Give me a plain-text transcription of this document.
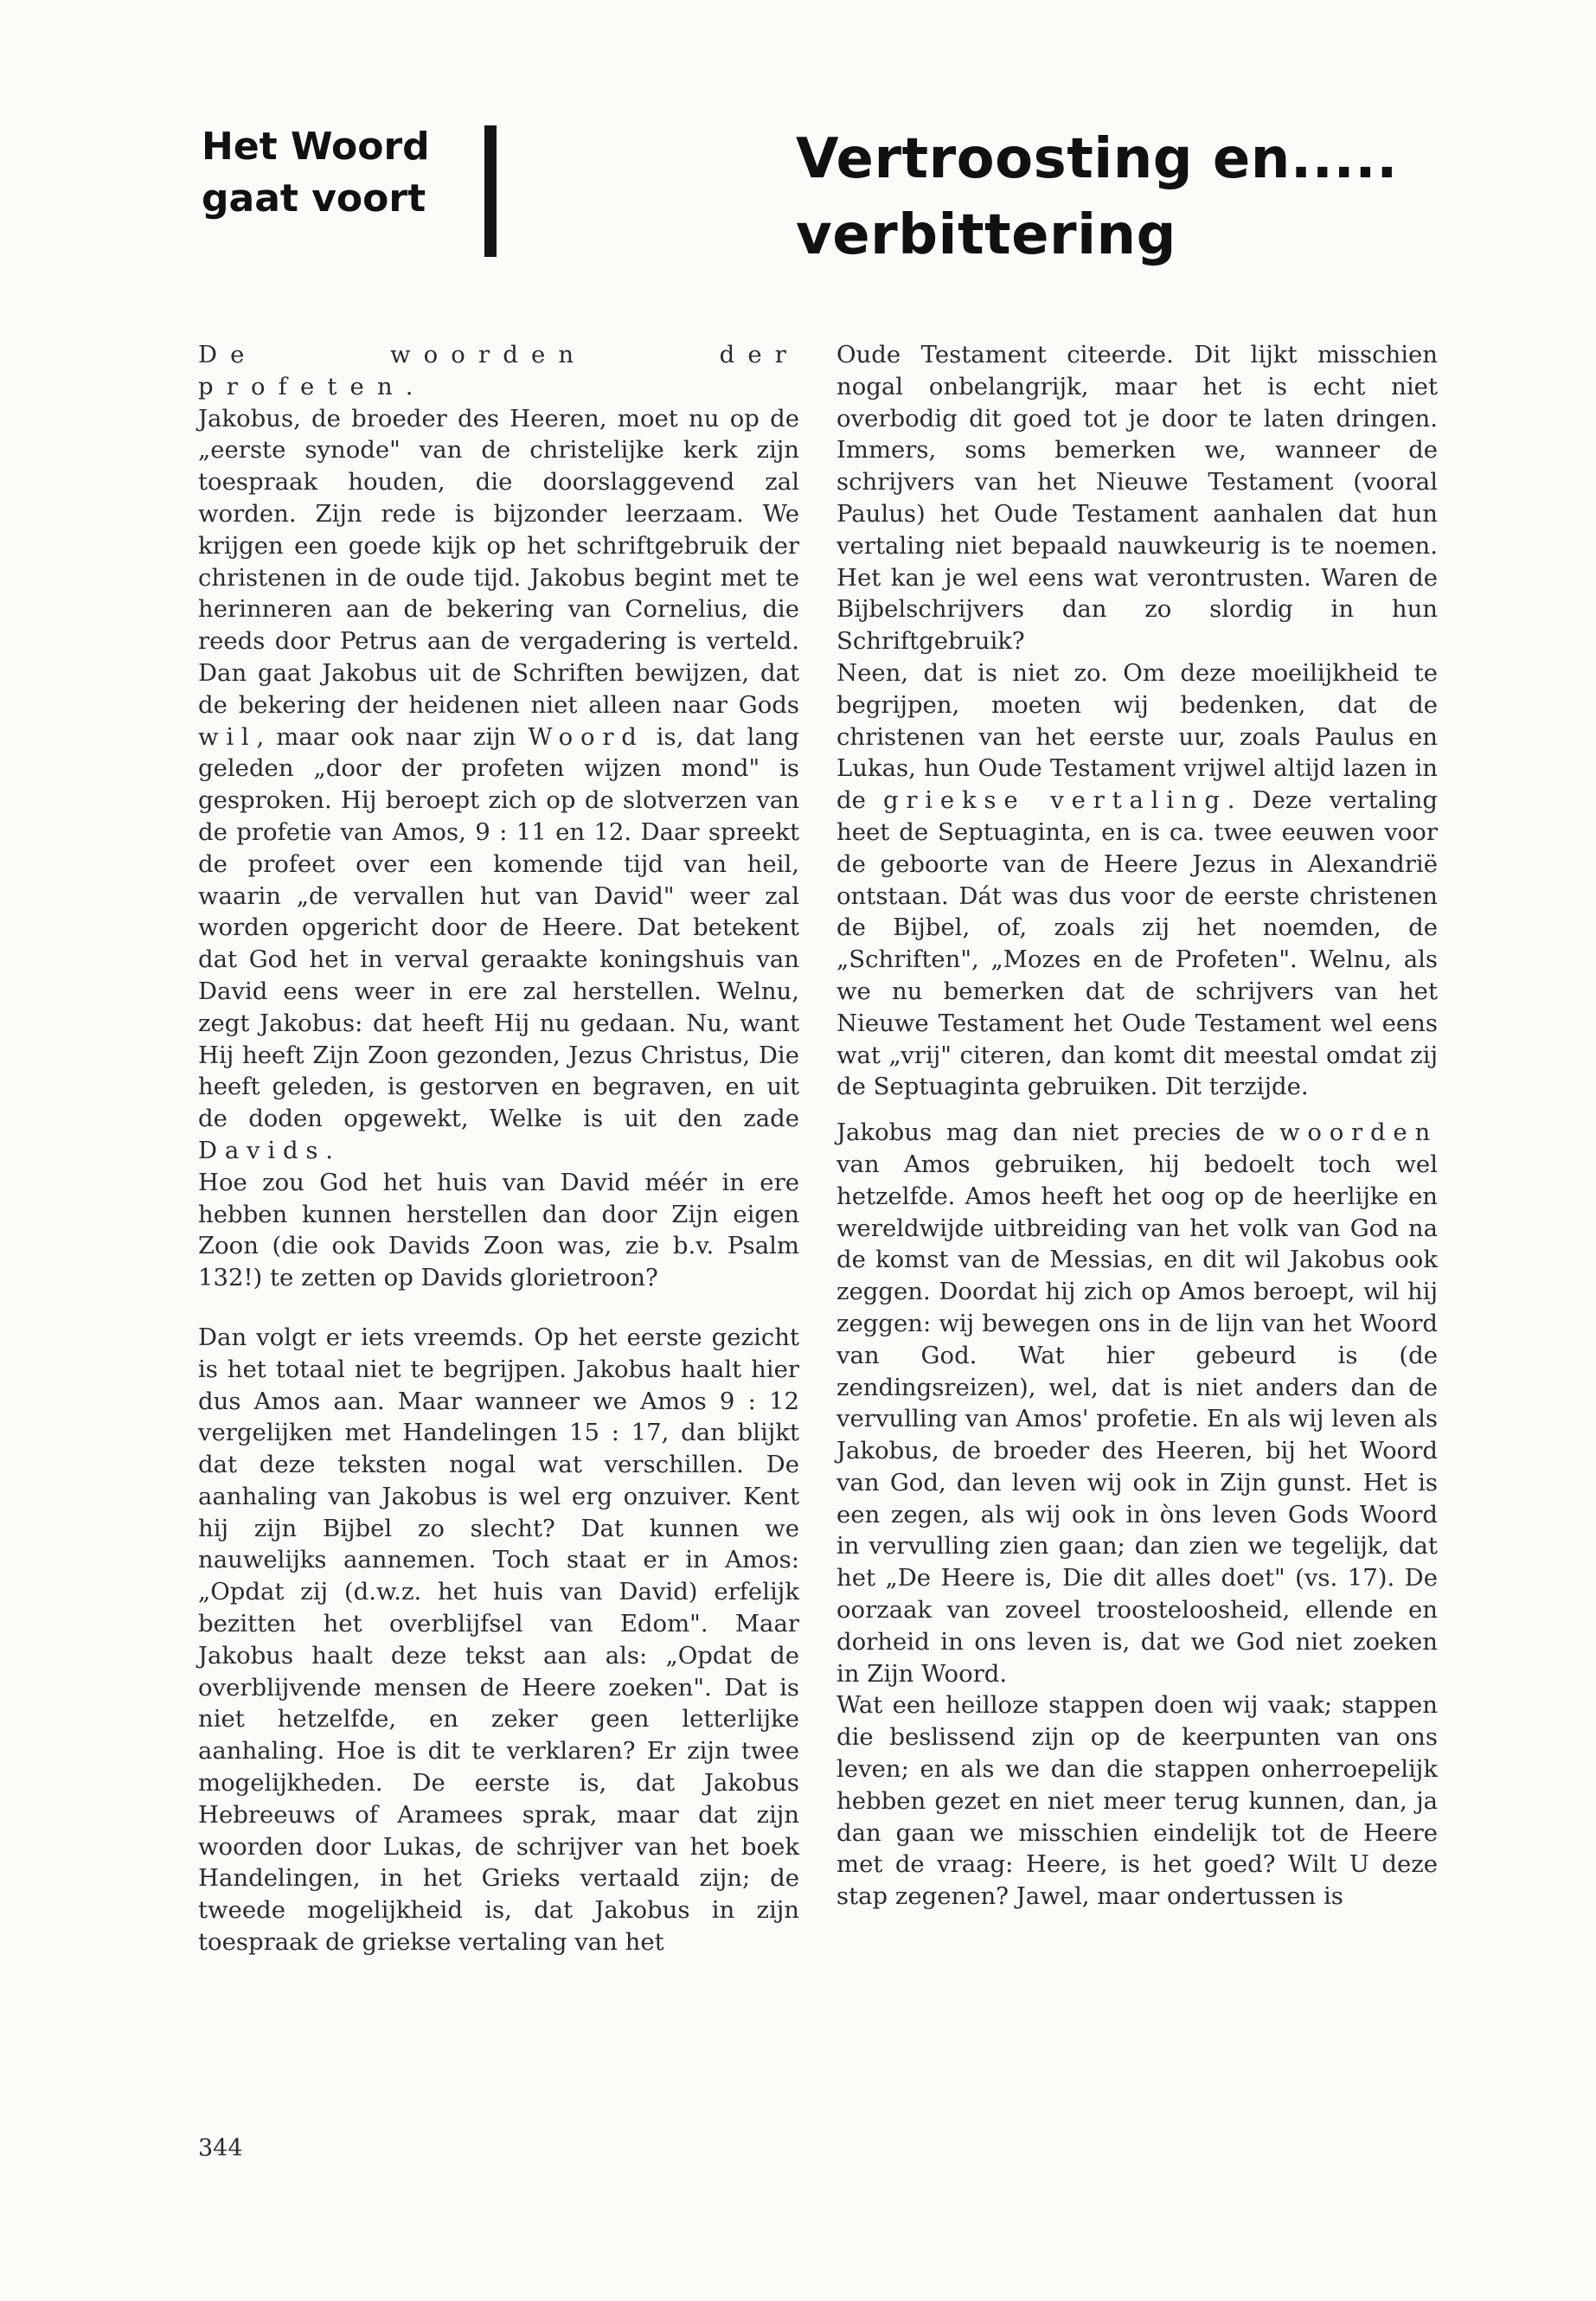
Het Woord gaat voort
Vertroosting en..... verbittering

De woorden der profeten.

Jakobus, de broeder des Heeren, moet nu op de „eerste synode" van de christelijke kerk zijn toespraak houden, die doorslaggevend zal worden. Zijn rede is bijzonder leerzaam. We krijgen een goede kijk op het schriftgebruik der christenen in de oude tijd. Jakobus begint met te herinneren aan de bekering van Cornelius, die reeds door Petrus aan de vergadering is verteld. Dan gaat Jakobus uit de Schriften bewijzen, dat de bekering der heidenen niet alleen naar Gods wil, maar ook naar zijn Woord is, dat lang geleden „door der profeten wijzen mond" is gesproken. Hij beroept zich op de slotverzen van de profetie van Amos, 9 : 11 en 12. Daar spreekt de profeet over een komende tijd van heil, waarin „de vervallen hut van David" weer zal worden opgericht door de Heere. Dat betekent dat God het in verval geraakte koningshuis van David eens weer in ere zal herstellen. Welnu, zegt Jakobus: dat heeft Hij nu gedaan. Nu, want Hij heeft Zijn Zoon gezonden, Jezus Christus, Die heeft geleden, is gestorven en begraven, en uit de doden opgewekt, Welke is uit den zade Davids.

Hoe zou God het huis van David méér in ere hebben kunnen herstellen dan door Zijn eigen Zoon (die ook Davids Zoon was, zie b.v. Psalm 132!) te zetten op Davids glorietroon?

Dan volgt er iets vreemds. Op het eerste gezicht is het totaal niet te begrijpen. Jakobus haalt hier dus Amos aan. Maar wanneer we Amos 9 : 12 vergelijken met Handelingen 15 : 17, dan blijkt dat deze teksten nogal wat verschillen. De aanhaling van Jakobus is wel erg onzuiver. Kent hij zijn Bijbel zo slecht? Dat kunnen we nauwelijks aannemen. Toch staat er in Amos: „Opdat zij (d.w.z. het huis van David) erfelijk bezitten het overblijfsel van Edom". Maar Jakobus haalt deze tekst aan als: „Opdat de overblijvende mensen de Heere zoeken". Dat is niet hetzelfde, en zeker geen letterlijke aanhaling. Hoe is dit te verklaren? Er zijn twee mogelijkheden. De eerste is, dat Jakobus Hebreeuws of Aramees sprak, maar dat zijn woorden door Lukas, de schrijver van het boek Handelingen, in het Grieks vertaald zijn; de tweede mogelijkheid is, dat Jakobus in zijn toespraak de griekse vertaling van het

Oude Testament citeerde. Dit lijkt misschien nogal onbelangrijk, maar het is echt niet overbodig dit goed tot je door te laten dringen. Immers, soms bemerken we, wanneer de schrijvers van het Nieuwe Testament (vooral Paulus) het Oude Testament aanhalen dat hun vertaling niet bepaald nauwkeurig is te noemen. Het kan je wel eens wat verontrusten. Waren de Bijbelschrijvers dan zo slordig in hun Schriftgebruik?

Neen, dat is niet zo. Om deze moeilijkheid te begrijpen, moeten wij bedenken, dat de christenen van het eerste uur, zoals Paulus en Lukas, hun Oude Testament vrijwel altijd lazen in de griekse vertaling. Deze vertaling heet de Septuaginta, en is ca. twee eeuwen voor de geboorte van de Heere Jezus in Alexandrië ontstaan. Dát was dus voor de eerste christenen de Bijbel, of, zoals zij het noemden, de „Schriften", „Mozes en de Profeten". Welnu, als we nu bemerken dat de schrijvers van het Nieuwe Testament het Oude Testament wel eens wat „vrij" citeren, dan komt dit meestal omdat zij de Septuaginta gebruiken. Dit terzijde.

Jakobus mag dan niet precies de woorden van Amos gebruiken, hij bedoelt toch wel hetzelfde. Amos heeft het oog op de heerlijke en wereldwijde uitbreiding van het volk van God na de komst van de Messias, en dit wil Jakobus ook zeggen. Doordat hij zich op Amos beroept, wil hij zeggen: wij bewegen ons in de lijn van het Woord van God. Wat hier gebeurd is (de zendingsreizen), wel, dat is niet anders dan de vervulling van Amos' profetie. En als wij leven als Jakobus, de broeder des Heeren, bij het Woord van God, dan leven wij ook in Zijn gunst. Het is een zegen, als wij ook in òns leven Gods Woord in vervulling zien gaan; dan zien we tegelijk, dat het „De Heere is, Die dit alles doet" (vs. 17). De oorzaak van zoveel troosteloosheid, ellende en dorheid in ons leven is, dat we God niet zoeken in Zijn Woord.

Wat een heilloze stappen doen wij vaak; stappen die beslissend zijn op de keerpunten van ons leven; en als we dan die stappen onherroepelijk hebben gezet en niet meer terug kunnen, dan, ja dan gaan we misschien eindelijk tot de Heere met de vraag: Heere, is het goed? Wilt U deze stap zegenen? Jawel, maar ondertussen is

344
